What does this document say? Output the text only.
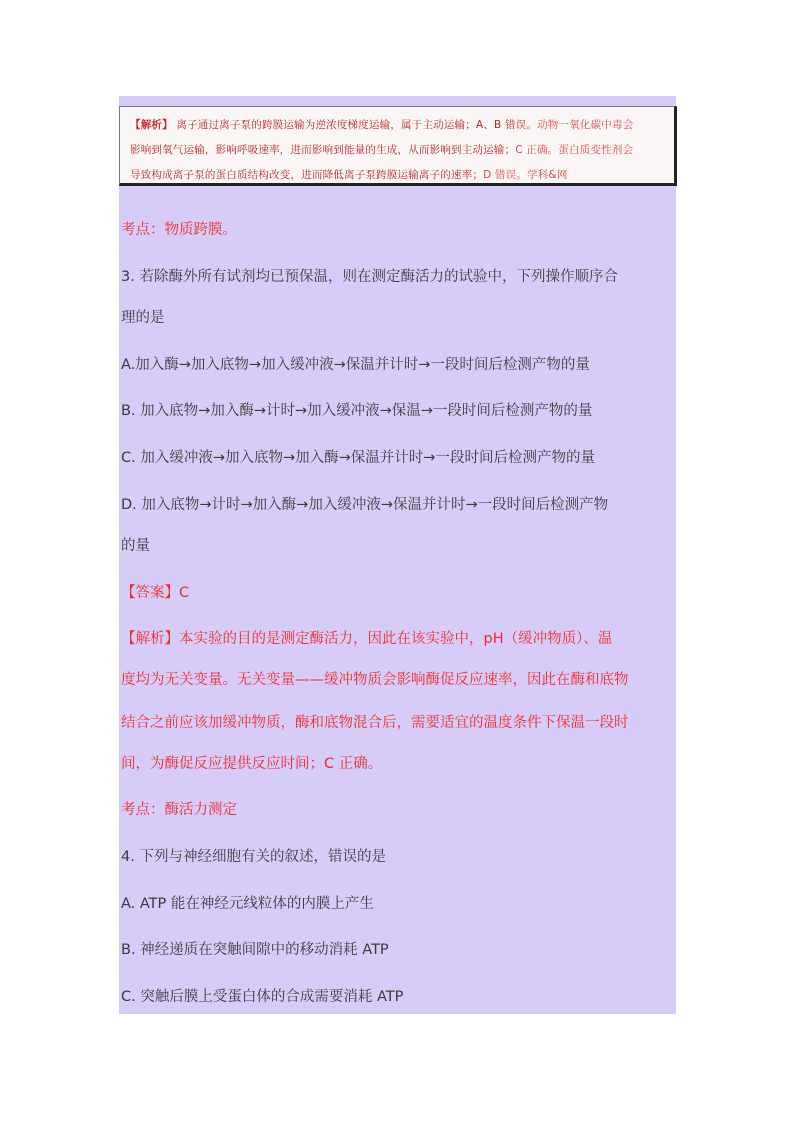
【解析】 离子通过离子泵的跨膜运输为逆浓度梯度运输，属于主动运输；A、B 错误。动物一氧化碳中毒会
影响到氧气运输，影响呼吸速率，进而影响到能量的生成，从而影响到主动运输；C 正确。蛋白质变性剂会
导致构成离子泵的蛋白质结构改变，进而降低离子泵跨膜运输离子的速率；D 错误。学科&网
考点：物质跨膜。
3. 若除酶外所有试剂均已预保温，则在测定酶活力的试验中，下列操作顺序合
理的是
A.加入酶→加入底物→加入缓冲液→保温并计时→一段时间后检测产物的量
B. 加入底物→加入酶→计时→加入缓冲液→保温→一段时间后检测产物的量
C. 加入缓冲液→加入底物→加入酶→保温并计时→一段时间后检测产物的量
D. 加入底物→计时→加入酶→加入缓冲液→保温并计时→一段时间后检测产物
的量
【答案】C
【解析】本实验的目的是测定酶活力，因此在该实验中，pH（缓冲物质）、温
度均为无关变量。无关变量——缓冲物质会影响酶促反应速率，因此在酶和底物
结合之前应该加缓冲物质，酶和底物混合后，需要适宜的温度条件下保温一段时
间，为酶促反应提供反应时间；C 正确。
考点：酶活力测定
4. 下列与神经细胞有关的叙述，错误的是
A. ATP 能在神经元线粒体的内膜上产生
B. 神经递质在突触间隙中的移动消耗 ATP
C. 突触后膜上受蛋白体的合成需要消耗 ATP
